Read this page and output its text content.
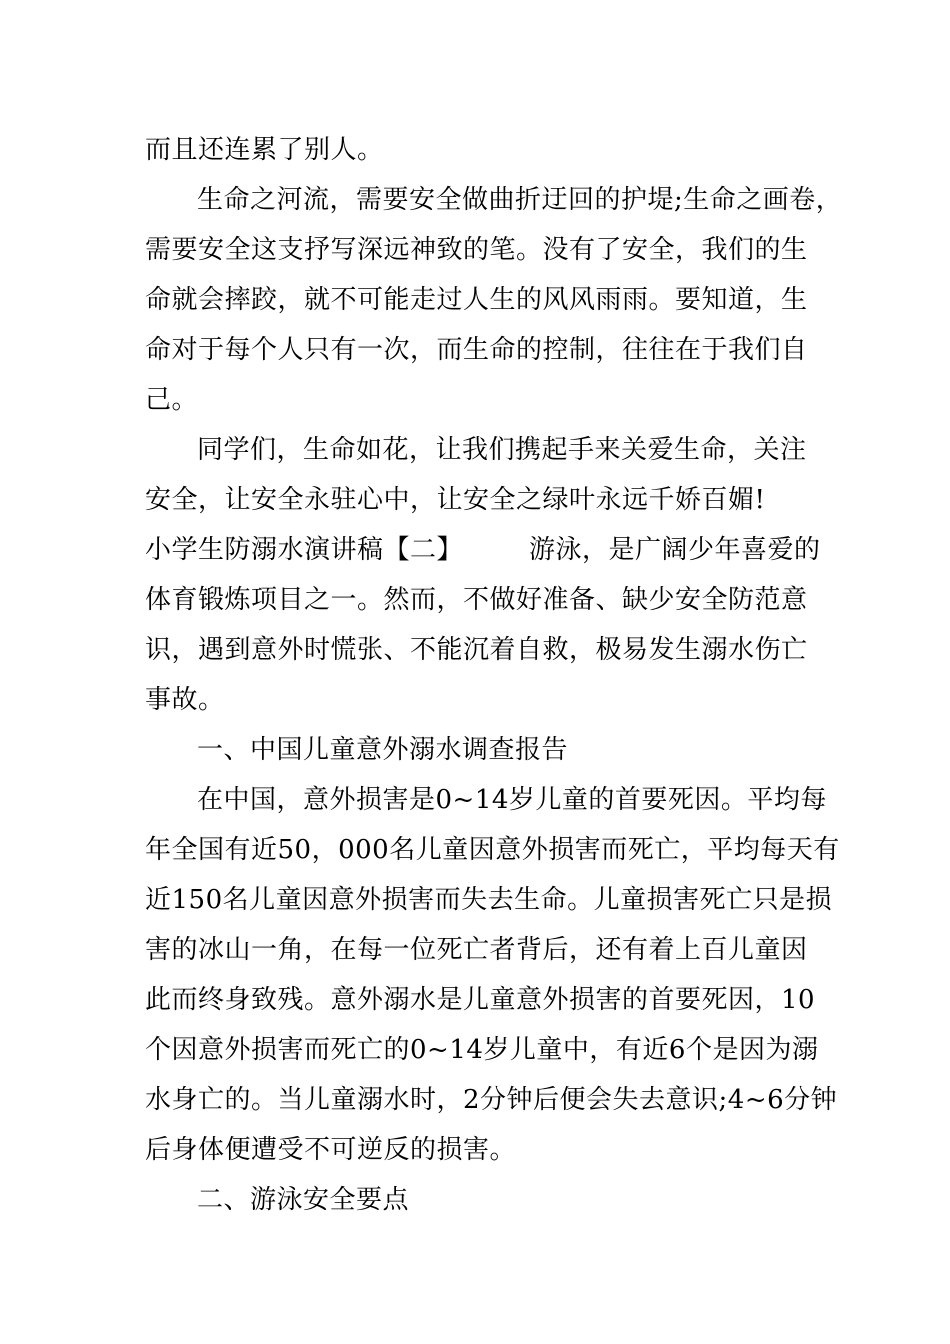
而且还连累了别人。
生命之河流，需要安全做曲折迂回的护堤;生命之画卷，
需要安全这支抒写深远神致的笔。没有了安全，我们的生
命就会摔跤，就不可能走过人生的风风雨雨。要知道，生
命对于每个人只有一次，而生命的控制，往往在于我们自
己。
同学们，生命如花，让我们携起手来关爱生命，关注
安全，让安全永驻心中，让安全之绿叶永远千娇百媚!
小学生防溺水演讲稿【二】	游泳，是广阔少年喜爱的
体育锻炼项目之一。然而，不做好准备、缺少安全防范意
识，遇到意外时慌张、不能沉着自救，极易发生溺水伤亡
事故。
一、中国儿童意外溺水调查报告
在中国，意外损害是0~14岁儿童的首要死因。平均每
年全国有近50，000名儿童因意外损害而死亡，平均每天有
近150名儿童因意外损害而失去生命。儿童损害死亡只是损
害的冰山一角，在每一位死亡者背后，还有着上百儿童因
此而终身致残。意外溺水是儿童意外损害的首要死因，10
个因意外损害而死亡的0~14岁儿童中，有近6个是因为溺
水身亡的。当儿童溺水时，2分钟后便会失去意识;4~6分钟
后身体便遭受不可逆反的损害。
二、游泳安全要点
